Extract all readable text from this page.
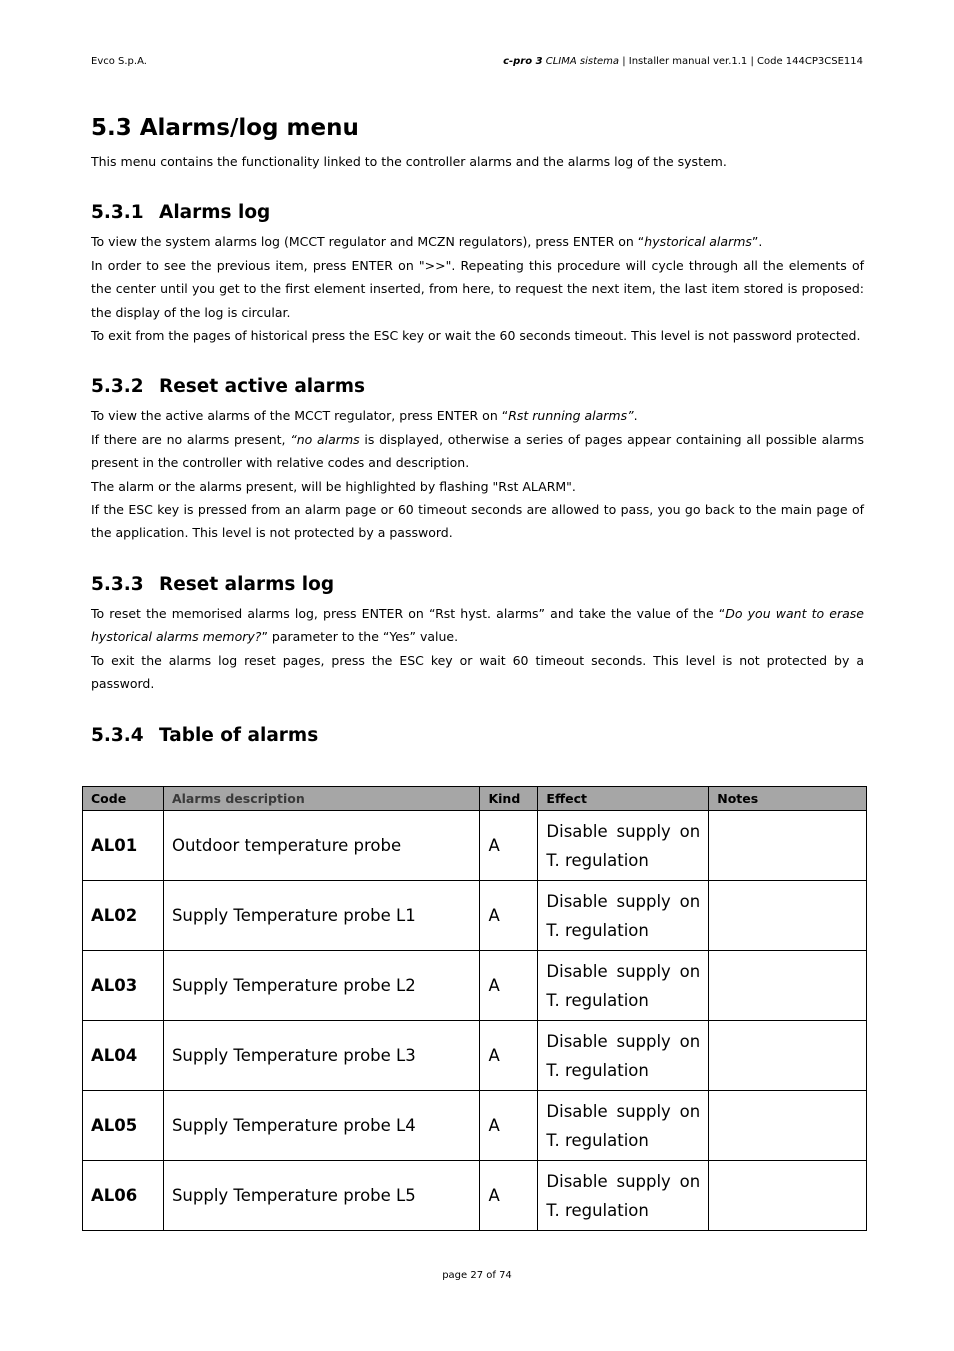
Evco S.p.A.	c-pro 3 CLIMA sistema | Installer manual ver.1.1 | Code 144CP3CSE114
5.3 Alarms/log menu

This menu contains the functionality linked to the controller alarms and the alarms log of the system.

5.3.1 Alarms log

To view the system alarms log (MCCT regulator and MCZN regulators), press ENTER on “hystorical alarms”.

In order to see the previous item, press ENTER on ">>". Repeating this procedure will cycle through all the elements of the center until you get to the first element inserted, from here, to request the next item, the last item stored is proposed: the display of the log is circular.

To exit from the pages of historical press the ESC key or wait the 60 seconds timeout. This level is not password protected.

5.3.2 Reset active alarms

To view the active alarms of the MCCT regulator, press ENTER on “Rst running alarms”.

If there are no alarms present, “no alarms is displayed, otherwise a series of pages appear containing all possible alarms present in the controller with relative codes and description.

The alarm or the alarms present, will be highlighted by flashing "Rst ALARM".

If the ESC key is pressed from an alarm page or 60 timeout seconds are allowed to pass, you go back to the main page of the application. This level is not protected by a password.

5.3.3 Reset alarms log

To reset the memorised alarms log, press ENTER on “Rst hyst. alarms” and take the value of the “Do you want to erase hystorical alarms memory?” parameter to the “Yes” value.

To exit the alarms log reset pages, press the ESC key or wait 60 timeout seconds. This level is not protected by a password.

5.3.4 Table of alarms
Code	Alarms description	Kind	Effect	Notes
AL01	Outdoor temperature probe	A	Disable supply on T. regulation	
AL02	Supply Temperature probe L1	A	Disable supply on T. regulation	
AL03	Supply Temperature probe L2	A	Disable supply on T. regulation	
AL04	Supply Temperature probe L3	A	Disable supply on T. regulation	
AL05	Supply Temperature probe L4	A	Disable supply on T. regulation	
AL06	Supply Temperature probe L5	A	Disable supply on T. regulation	
page 27 of 74
